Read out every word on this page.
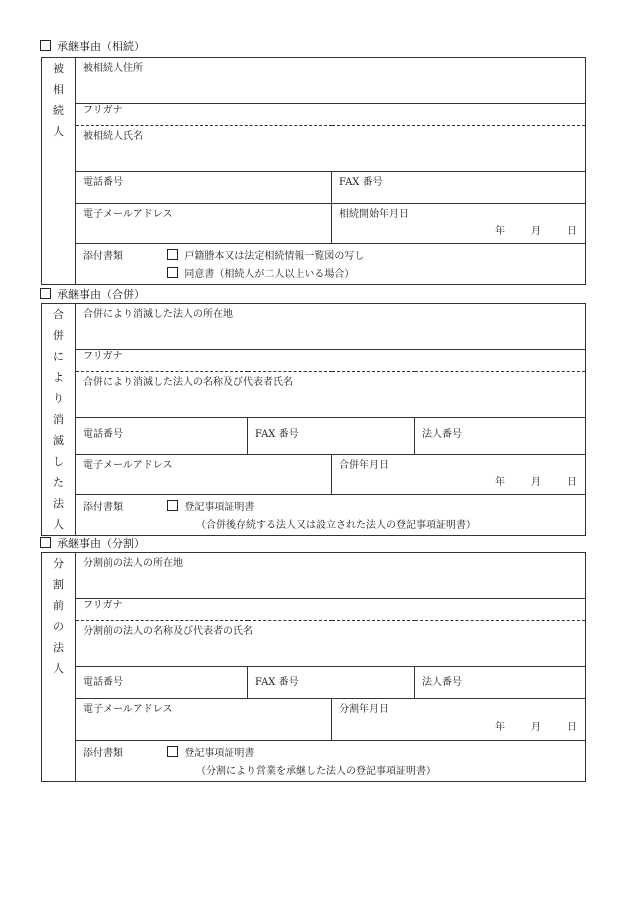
承継事由（相続）
被相続人	被相続人住所	

	フリガナ	

	被相続人氏名	

	電話番号	FAX 番号

	電子メールアドレス	相続開始年月日
年 月 日

	添付書類 戸籍謄本又は法定相続情報一覧図の写し
同意書（相続人が二人以上いる場合）	
承継事由（合併）
合併により消滅した法人	合併により消滅した法人の所在地			

	フリガナ			

	合併により消滅した法人の名称及び代表者氏名			

	電話番号	FAX 番号		法人番号

	電子メールアドレス		合併年月日
年 月 日	

	添付書類 登記事項証明書
（合併後存続する法人又は設立された法人の登記事項証明書）			
承継事由（分割）
分割前の法人	分割前の法人の所在地			

	フリガナ			

	分割前の法人の名称及び代表者の氏名			

	電話番号	FAX 番号		法人番号

	電子メールアドレス		分割年月日
年 月 日	

	添付書類 登記事項証明書
（分割により営業を承継した法人の登記事項証明書）			
